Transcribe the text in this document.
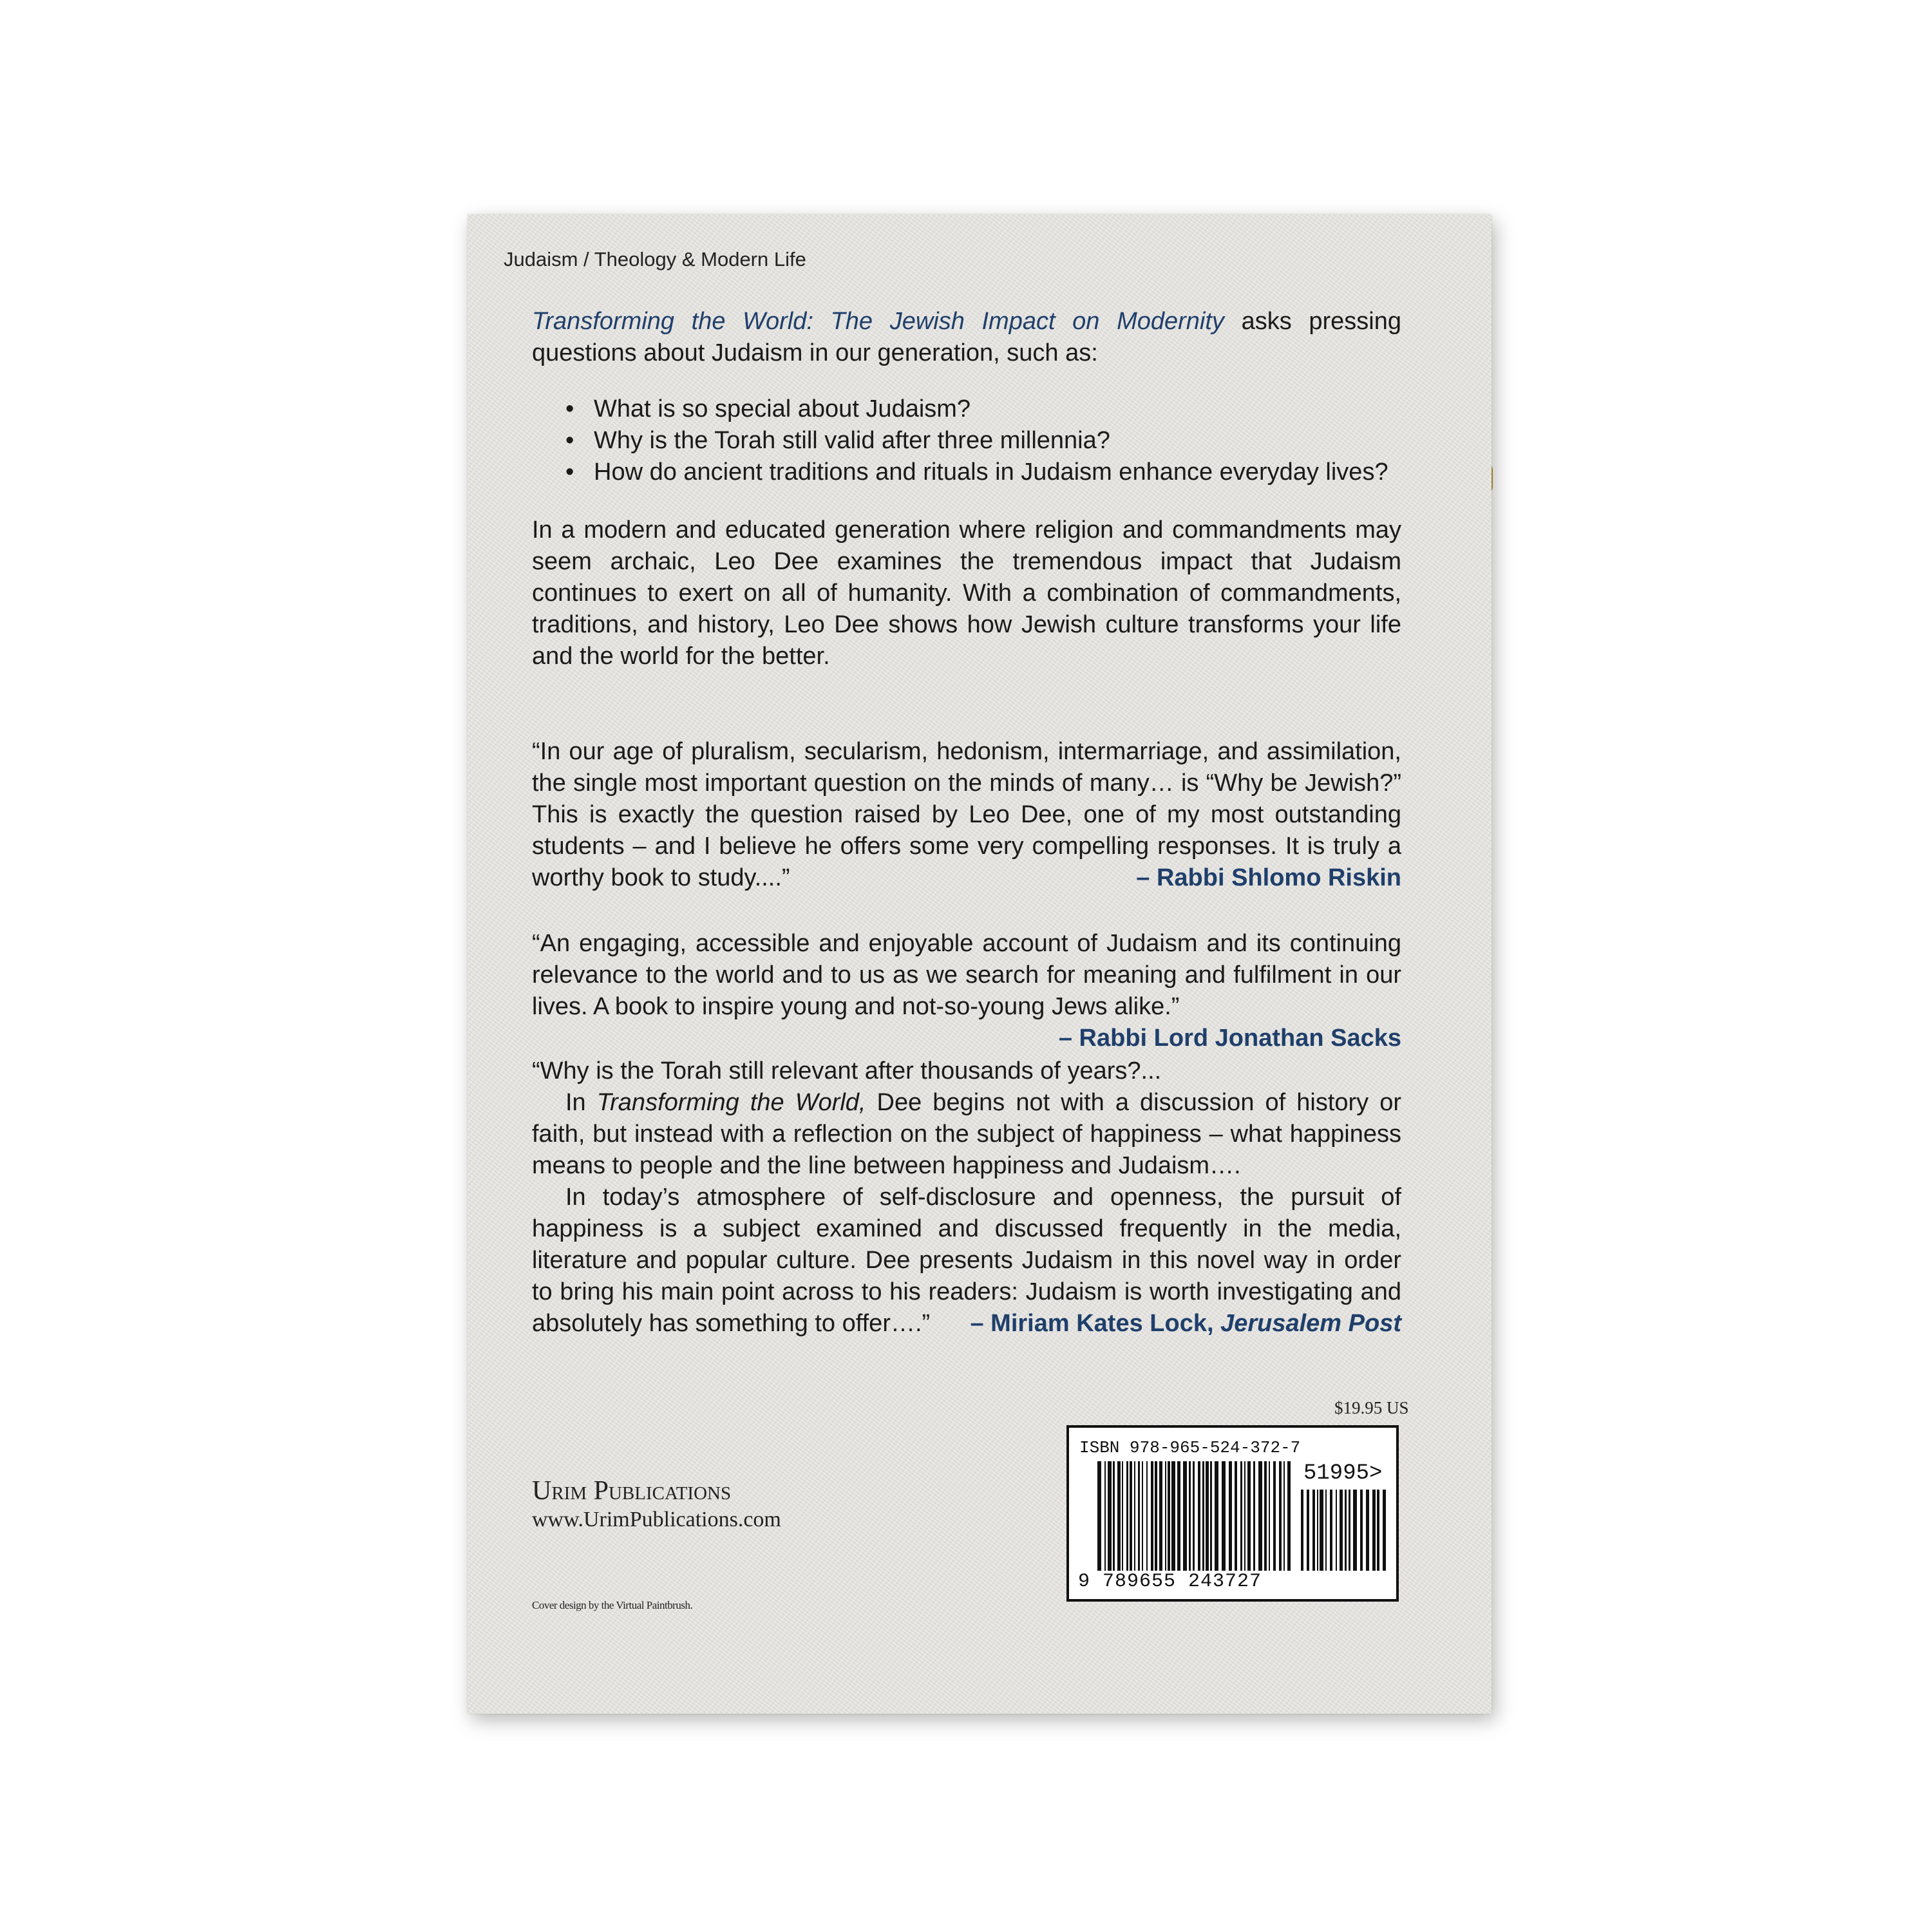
Judaism / Theology & Modern Life
Transforming the World: The Jewish Impact on Modernity asks pressing questions about Judaism in our generation, such as:
• What is so special about Judaism?
• Why is the Torah still valid after three millennia?
• How do ancient traditions and rituals in Judaism enhance everyday lives?
In a modern and educated generation where religion and commandments may seem archaic, Leo Dee examines the tremendous impact that Judaism continues to exert on all of humanity. With a combination of commandments, traditions, and history, Leo Dee shows how Jewish culture transforms your life and the world for the better.
“In our age of pluralism, secularism, hedonism, intermarriage, and assimilation, the single most important question on the minds of many… is “Why be Jewish?” This is exactly the question raised by Leo Dee, one of my most outstanding students – and I believe he offers some very compelling responses. It is truly a worthy book to study....”	– Rabbi Shlomo Riskin
“An engaging, accessible and enjoyable account of Judaism and its continuing relevance to the world and to us as we search for meaning and fulfilment in our lives. A book to inspire young and not-so-young Jews alike.”
– Rabbi Lord Jonathan Sacks
“Why is the Torah still relevant after thousands of years?...
In Transforming the World, Dee begins not with a discussion of history or faith, but instead with a reflection on the subject of happiness – what happiness means to people and the line between happiness and Judaism….
In today’s atmosphere of self-disclosure and openness, the pursuit of happiness is a subject examined and discussed frequently in the media, literature and popular culture. Dee presents Judaism in this novel way in order to bring his main point across to his readers: Judaism is worth investigating and absolutely has something to offer….”	– Miriam Kates Lock, Jerusalem Post
$19.95 US
ISBN 978-965-524-372-7
51995>
9 789655 243727
Urim Publications
www.UrimPublications.com
Cover design by the Virtual Paintbrush.
